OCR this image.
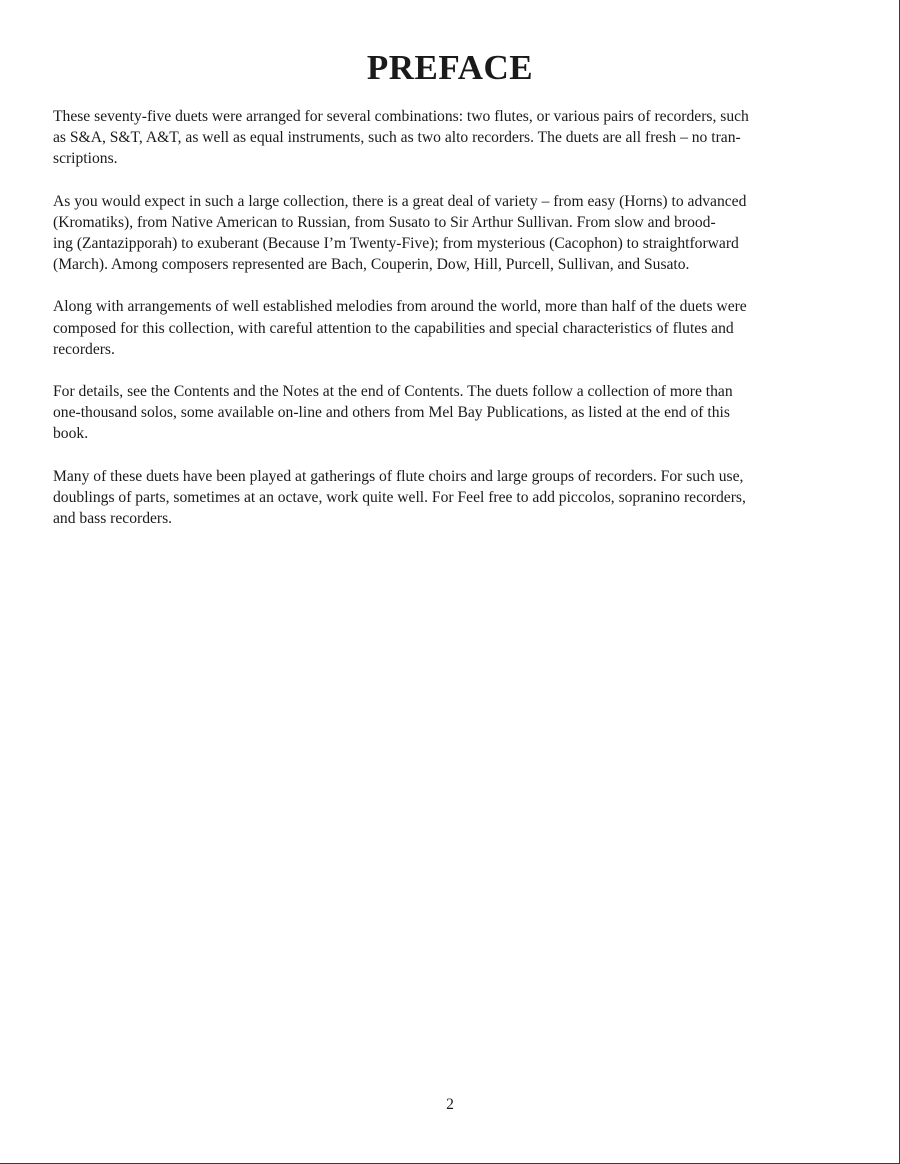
PREFACE

These seventy-five duets were arranged for several combinations: two flutes, or various pairs of recorders, such
as S&A, S&T, A&T, as well as equal instruments, such as two alto recorders. The duets are all fresh – no tran-
scriptions.

As you would expect in such a large collection, there is a great deal of variety – from easy (Horns) to advanced
(Kromatiks), from Native American to Russian, from Susato to Sir Arthur Sullivan. From slow and brood-
ing (Zantazipporah) to exuberant (Because I’m Twenty-Five); from mysterious (Cacophon) to straightforward
(March). Among composers represented are Bach, Couperin, Dow, Hill, Purcell, Sullivan, and Susato.

Along with arrangements of well established melodies from around the world, more than half of the duets were
composed for this collection, with careful attention to the capabilities and special characteristics of flutes and
recorders.

For details, see the Contents and the Notes at the end of Contents. The duets follow a collection of more than
one-thousand solos, some available on-line and others from Mel Bay Publications, as listed at the end of this
book.

Many of these duets have been played at gatherings of flute choirs and large groups of recorders. For such use,
doublings of parts, sometimes at an octave, work quite well. For Feel free to add piccolos, sopranino recorders,
and bass recorders.

2
